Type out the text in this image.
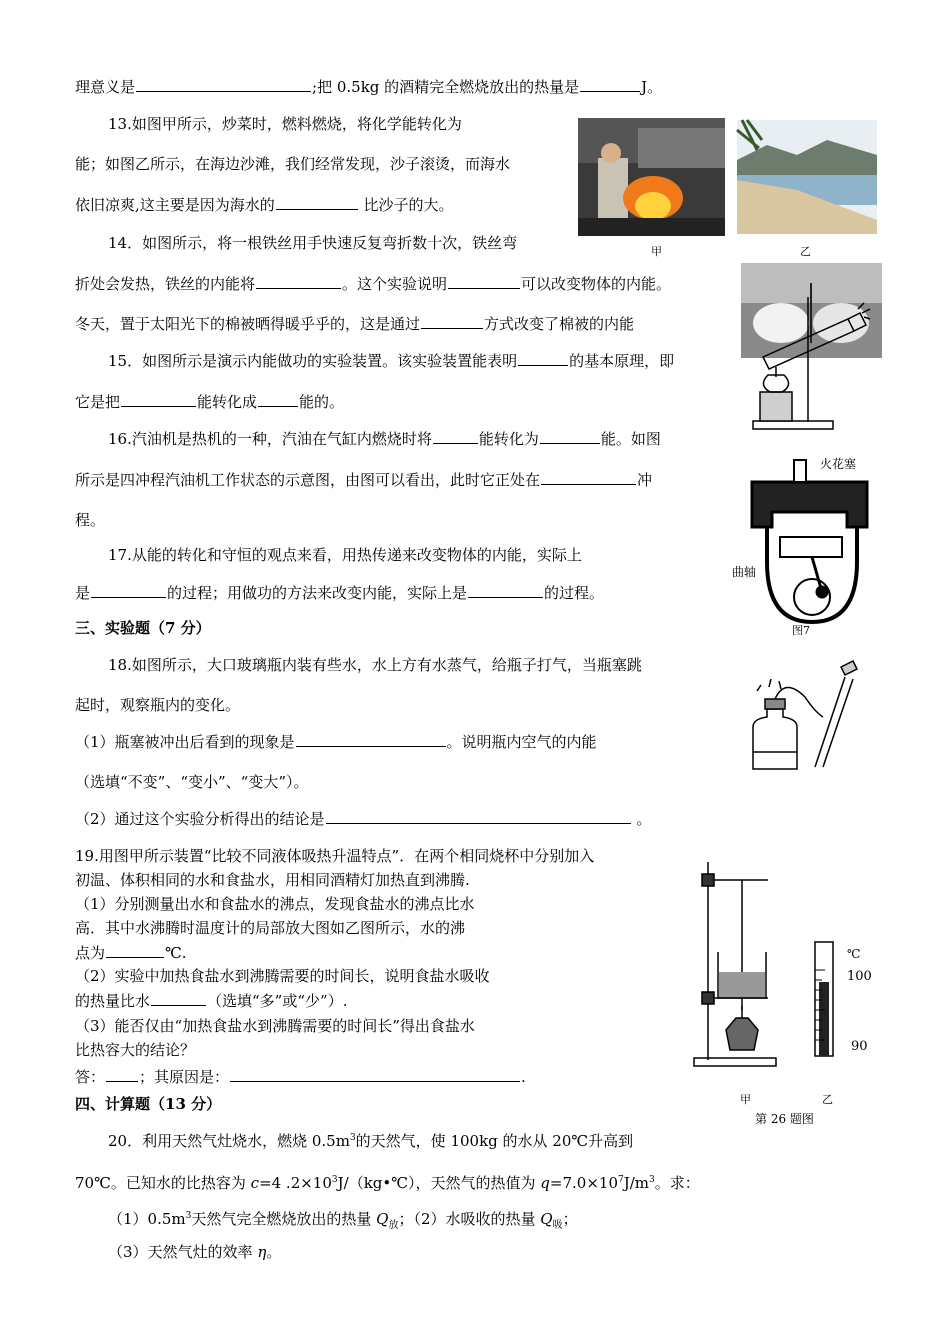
理意义是	;把 0.5kg 的酒精完全燃烧放出的热量是	J。
13.如图甲所示，炒菜时，燃料燃烧，将化学能转化为
能；如图乙所示，在海边沙滩，我们经常发现，沙子滚烫，而海水
依旧凉爽,这主要是因为海水的	比沙子的大。
甲	乙
14．如图所示，将一根铁丝用手快速反复弯折数十次，铁丝弯
折处会发热，铁丝的内能将	。这个实验说明	可以改变物体的内能。
冬天，置于太阳光下的棉被晒得暖乎乎的，这是通过	方式改变了棉被的内能
15．如图所示是演示内能做功的实验装置。该实验装置能表明	的基本原理，即
它是把	能转化成	能的。
16.汽油机是热机的一种，汽油在气缸内燃烧时将	能转化为	能。如图
所示是四冲程汽油机工作状态的示意图，由图可以看出，此时它正处在	冲
程。
火花塞
曲轴
图7
17.从能的转化和守恒的观点来看，用热传递来改变物体的内能，实际上
是	的过程；用做功的方法来改变内能，实际上是	的过程。
三、实验题（7 分）
18.如图所示，大口玻璃瓶内装有些水，水上方有水蒸气，给瓶子打气，当瓶塞跳
起时，观察瓶内的变化。
（1）瓶塞被冲出后看到的现象是	。说明瓶内空气的内能
（选填“不变”、“变小”、“变大”）。
（2）通过这个实验分析得出的结论是	。
19.用图甲所示装置“比较不同液体吸热升温特点”．在两个相同烧杯中分别加入
初温、体积相同的水和食盐水，用相同酒精灯加热直到沸腾.
（1）分别测量出水和食盐水的沸点，发现食盐水的沸点比水
高．其中水沸腾时温度计的局部放大图如乙图所示，水的沸
点为	℃.
（2）实验中加热食盐水到沸腾需要的时间长，说明食盐水吸收
的热量比水	（选填“多”或“少”）.
（3）能否仅由“加热食盐水到沸腾需要的时间长”得出食盐水
比热容大的结论？
答： ；其原因是：	.
℃
100
90
甲	乙
第 26 题图
四、计算题（13 分）
20．利用天然气灶烧水，燃烧 $0.5m^3$的天然气，使 100kg 的水从 20℃升高到
70℃。已知水的比热容为 c=4 $.2\times 10^3J/(kg•℃)$，天然气的热值为 $q=7.0\times 10^7J/m^3$。求：
$(1)0.5m^3$天然气完全燃烧放出的热量 $Q_放$；（2）水吸收的热量 $Q_吸$；
（3）天然气灶的效率 η。
